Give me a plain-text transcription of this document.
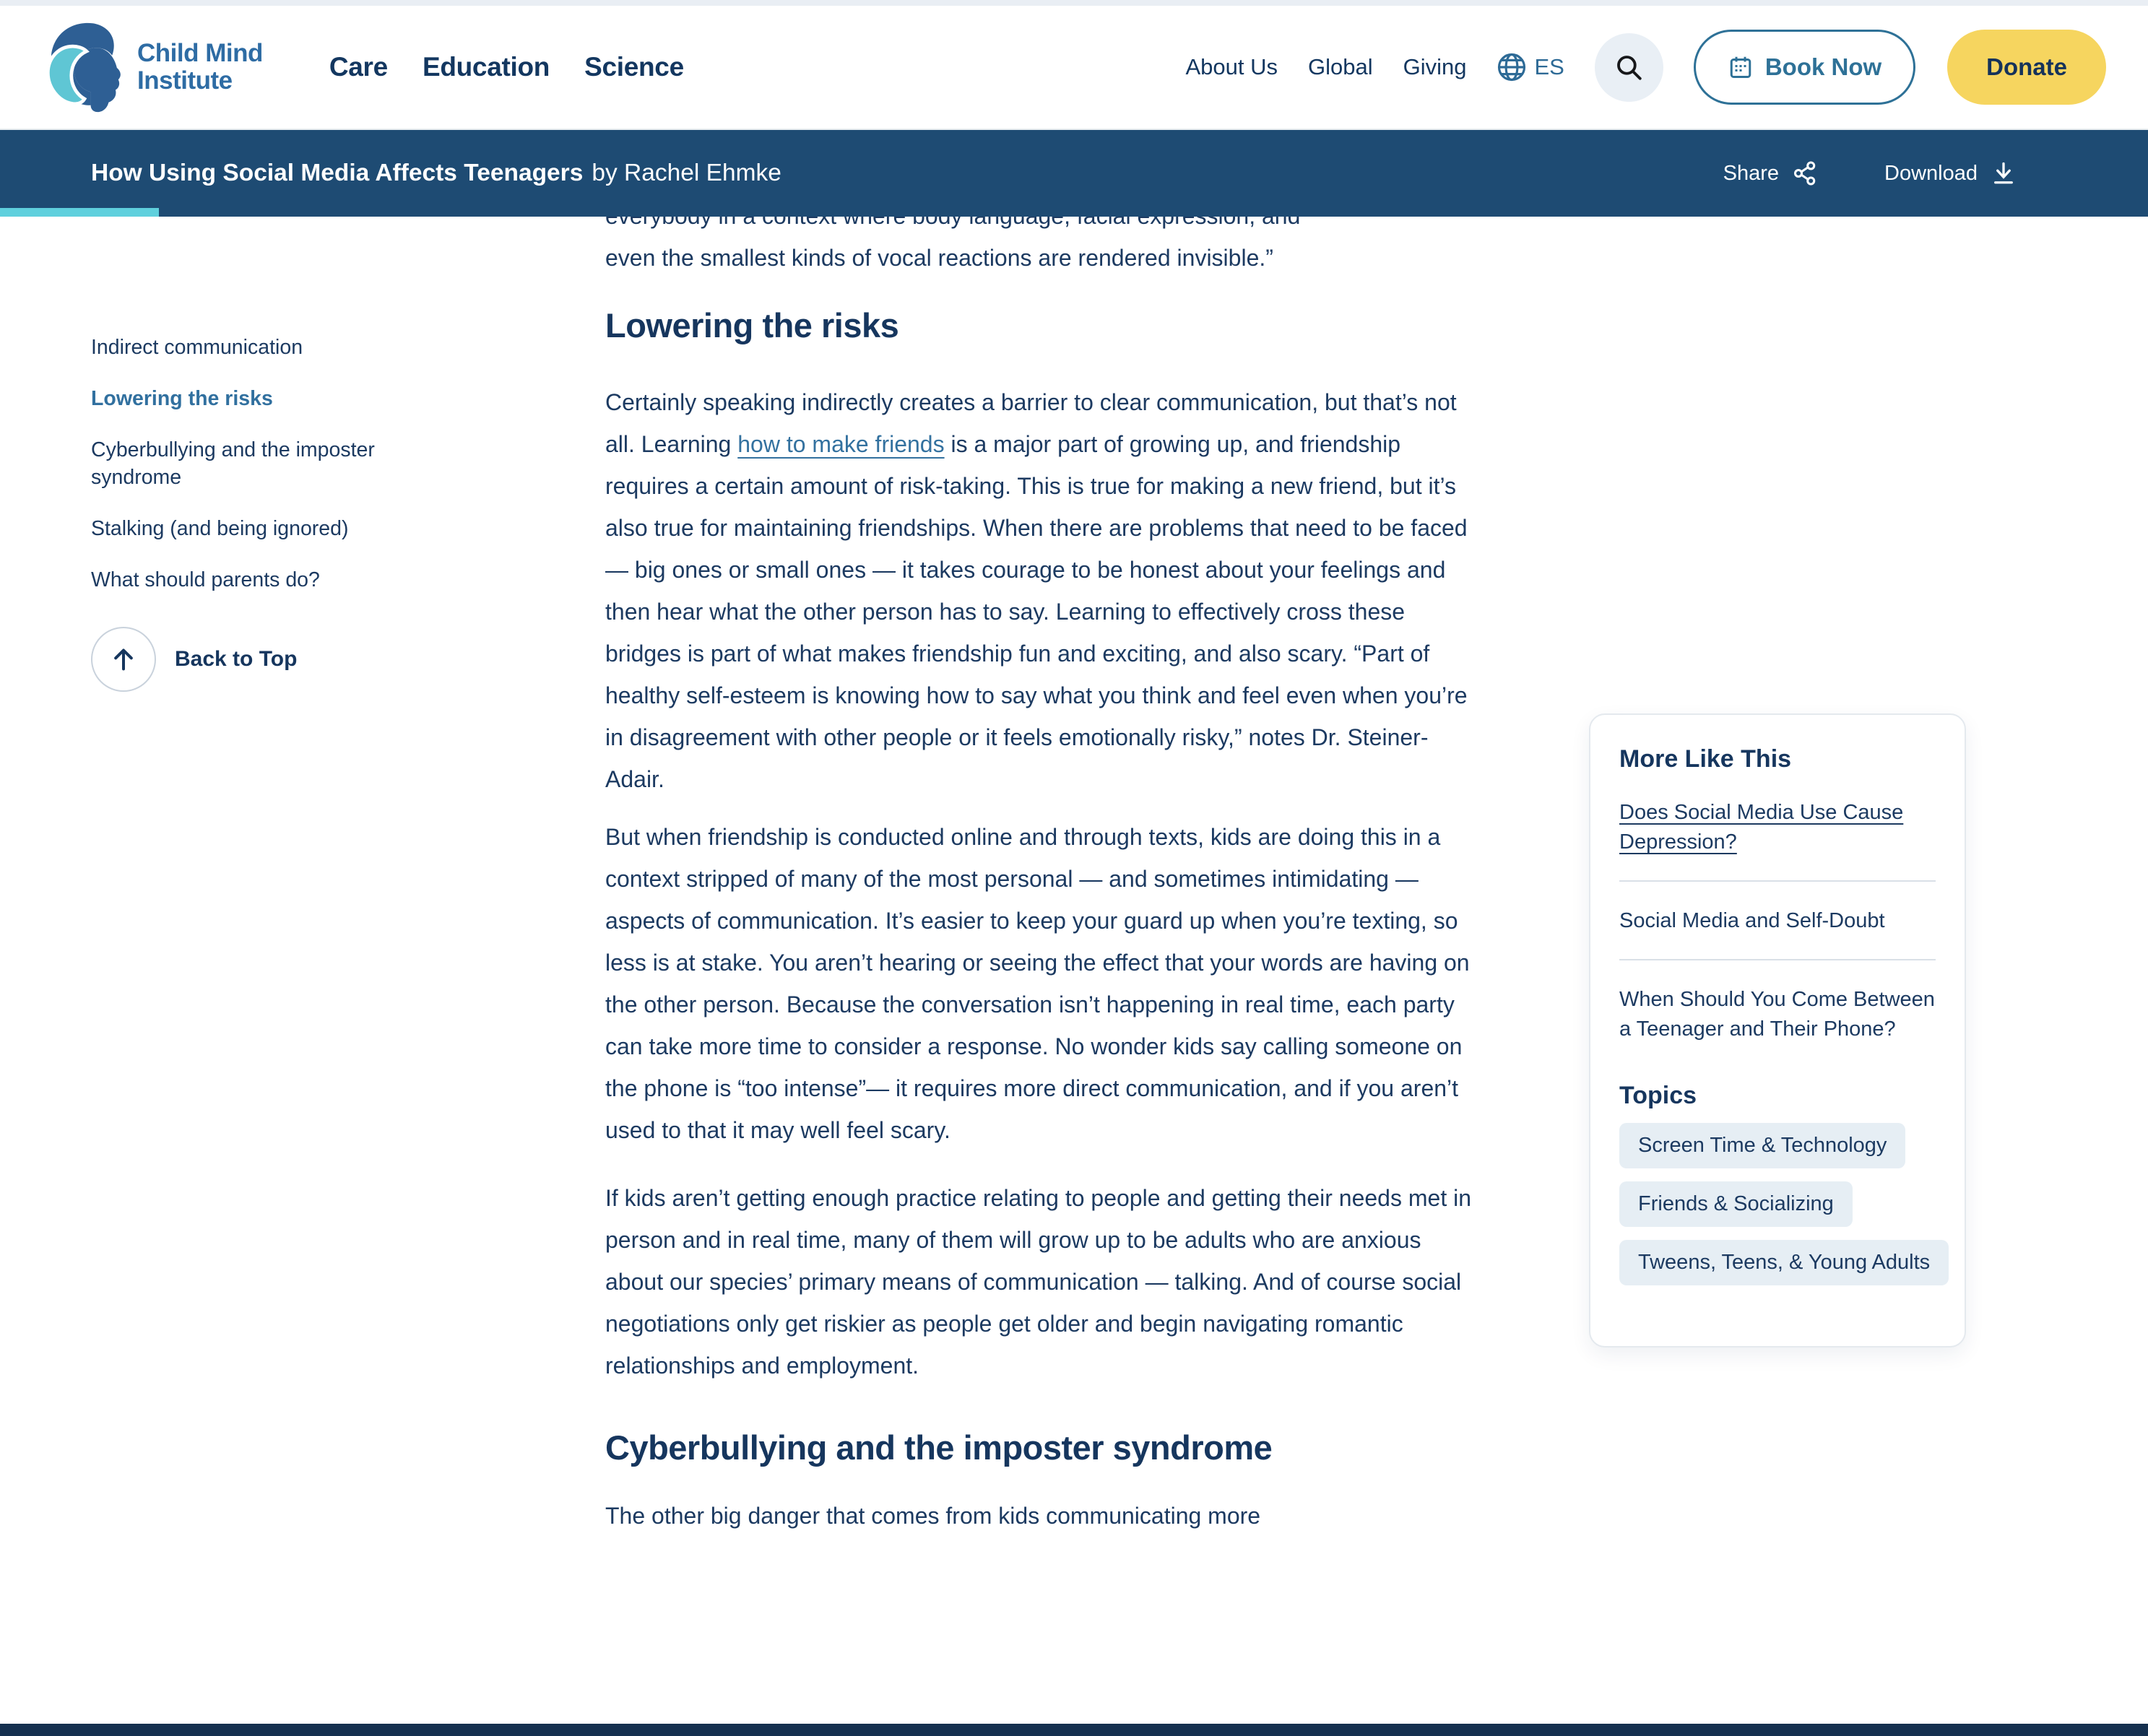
Child Mind
Institute	Care Education Science	About Us Global Giving	ES	Book Now	Donate
How Using Social Media Affects Teenagers by Rachel Ehmke	Share	Download
Indirect communication
Lowering the risks
Cyberbullying and the imposter syndrome
Stalking (and being ignored)
What should parents do?
Back to Top
even the smallest kinds of vocal reactions are rendered invisible.”
Lowering the risks

Certainly speaking indirectly creates a barrier to clear communication, but that’s not all. Learning how to make friends is a major part of growing up, and friendship requires a certain amount of risk-taking. This is true for making a new friend, but it’s also true for maintaining friendships. When there are problems that need to be faced — big ones or small ones — it takes courage to be honest about your feelings and then hear what the other person has to say. Learning to effectively cross these bridges is part of what makes friendship fun and exciting, and also scary. “Part of healthy self-esteem is knowing how to say what you think and feel even when you’re in disagreement with other people or it feels emotionally risky,” notes Dr. Steiner-Adair.

But when friendship is conducted online and through texts, kids are doing this in a context stripped of many of the most personal — and sometimes intimidating — aspects of communication. It’s easier to keep your guard up when you’re texting, so less is at stake. You aren’t hearing or seeing the effect that your words are having on the other person. Because the conversation isn’t happening in real time, each party can take more time to consider a response. No wonder kids say calling someone on the phone is “too intense”— it requires more direct communication, and if you aren’t used to that it may well feel scary.

If kids aren’t getting enough practice relating to people and getting their needs met in person and in real time, many of them will grow up to be adults who are anxious about our species’ primary means of communication — talking. And of course social negotiations only get riskier as people get older and begin navigating romantic relationships and employment.

Cyberbullying and the imposter syndrome

The other big danger that comes from kids communicating more

More Like This
Does Social Media Use Cause Depression?
Social Media and Self-Doubt
When Should You Come Between a Teenager and Their Phone?
Topics
Screen Time & Technology
Friends & Socializing
Tweens, Teens, & Young Adults
